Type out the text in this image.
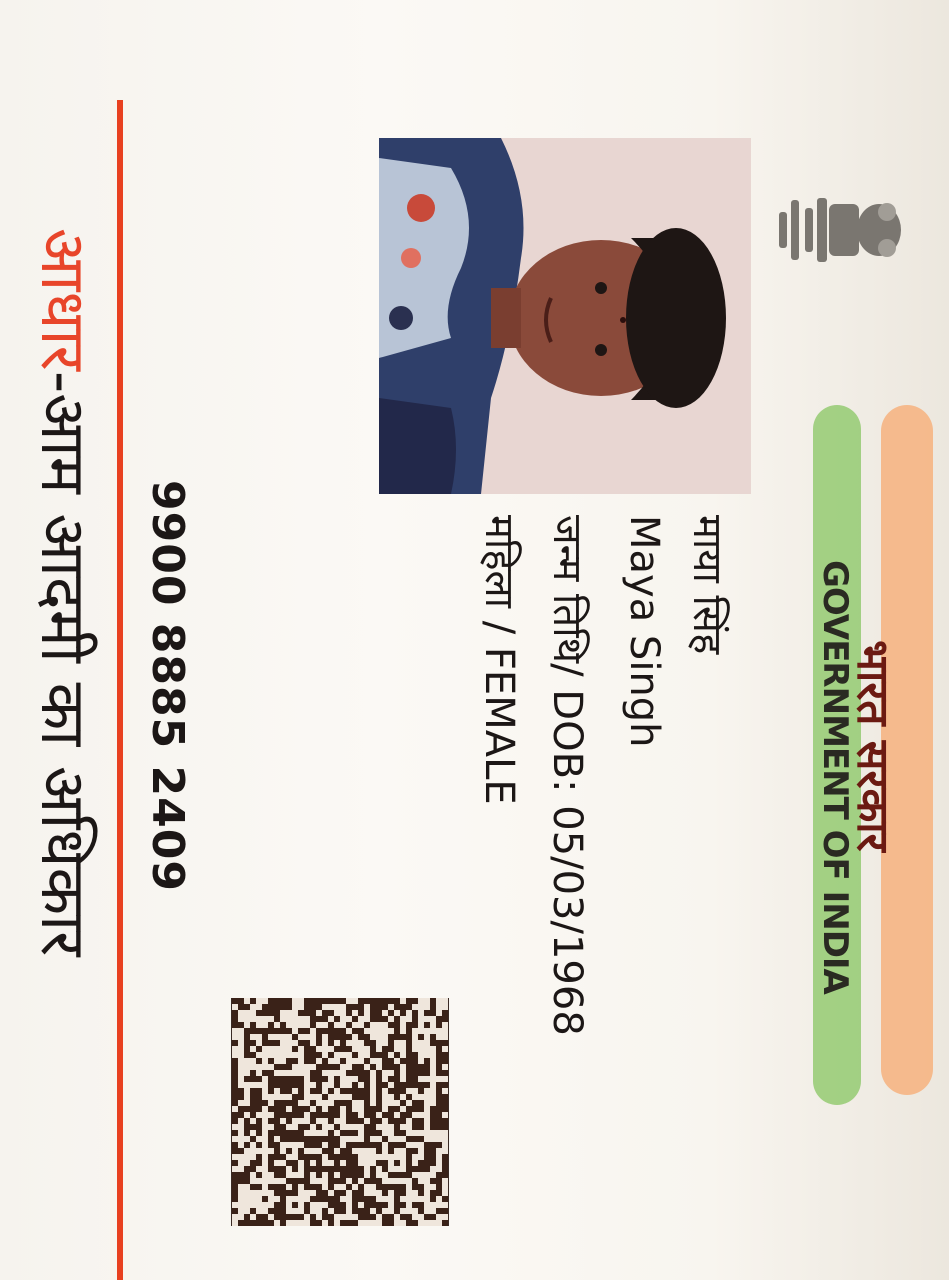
भारत सरकार
GOVERNMENT OF INDIA
माया सिंह
Maya Singh
जन्म तिथि/ DOB: 05/03/1968
महिला / FEMALE
9900 8885 2409
आधार-आम आदमी का अधिकार
